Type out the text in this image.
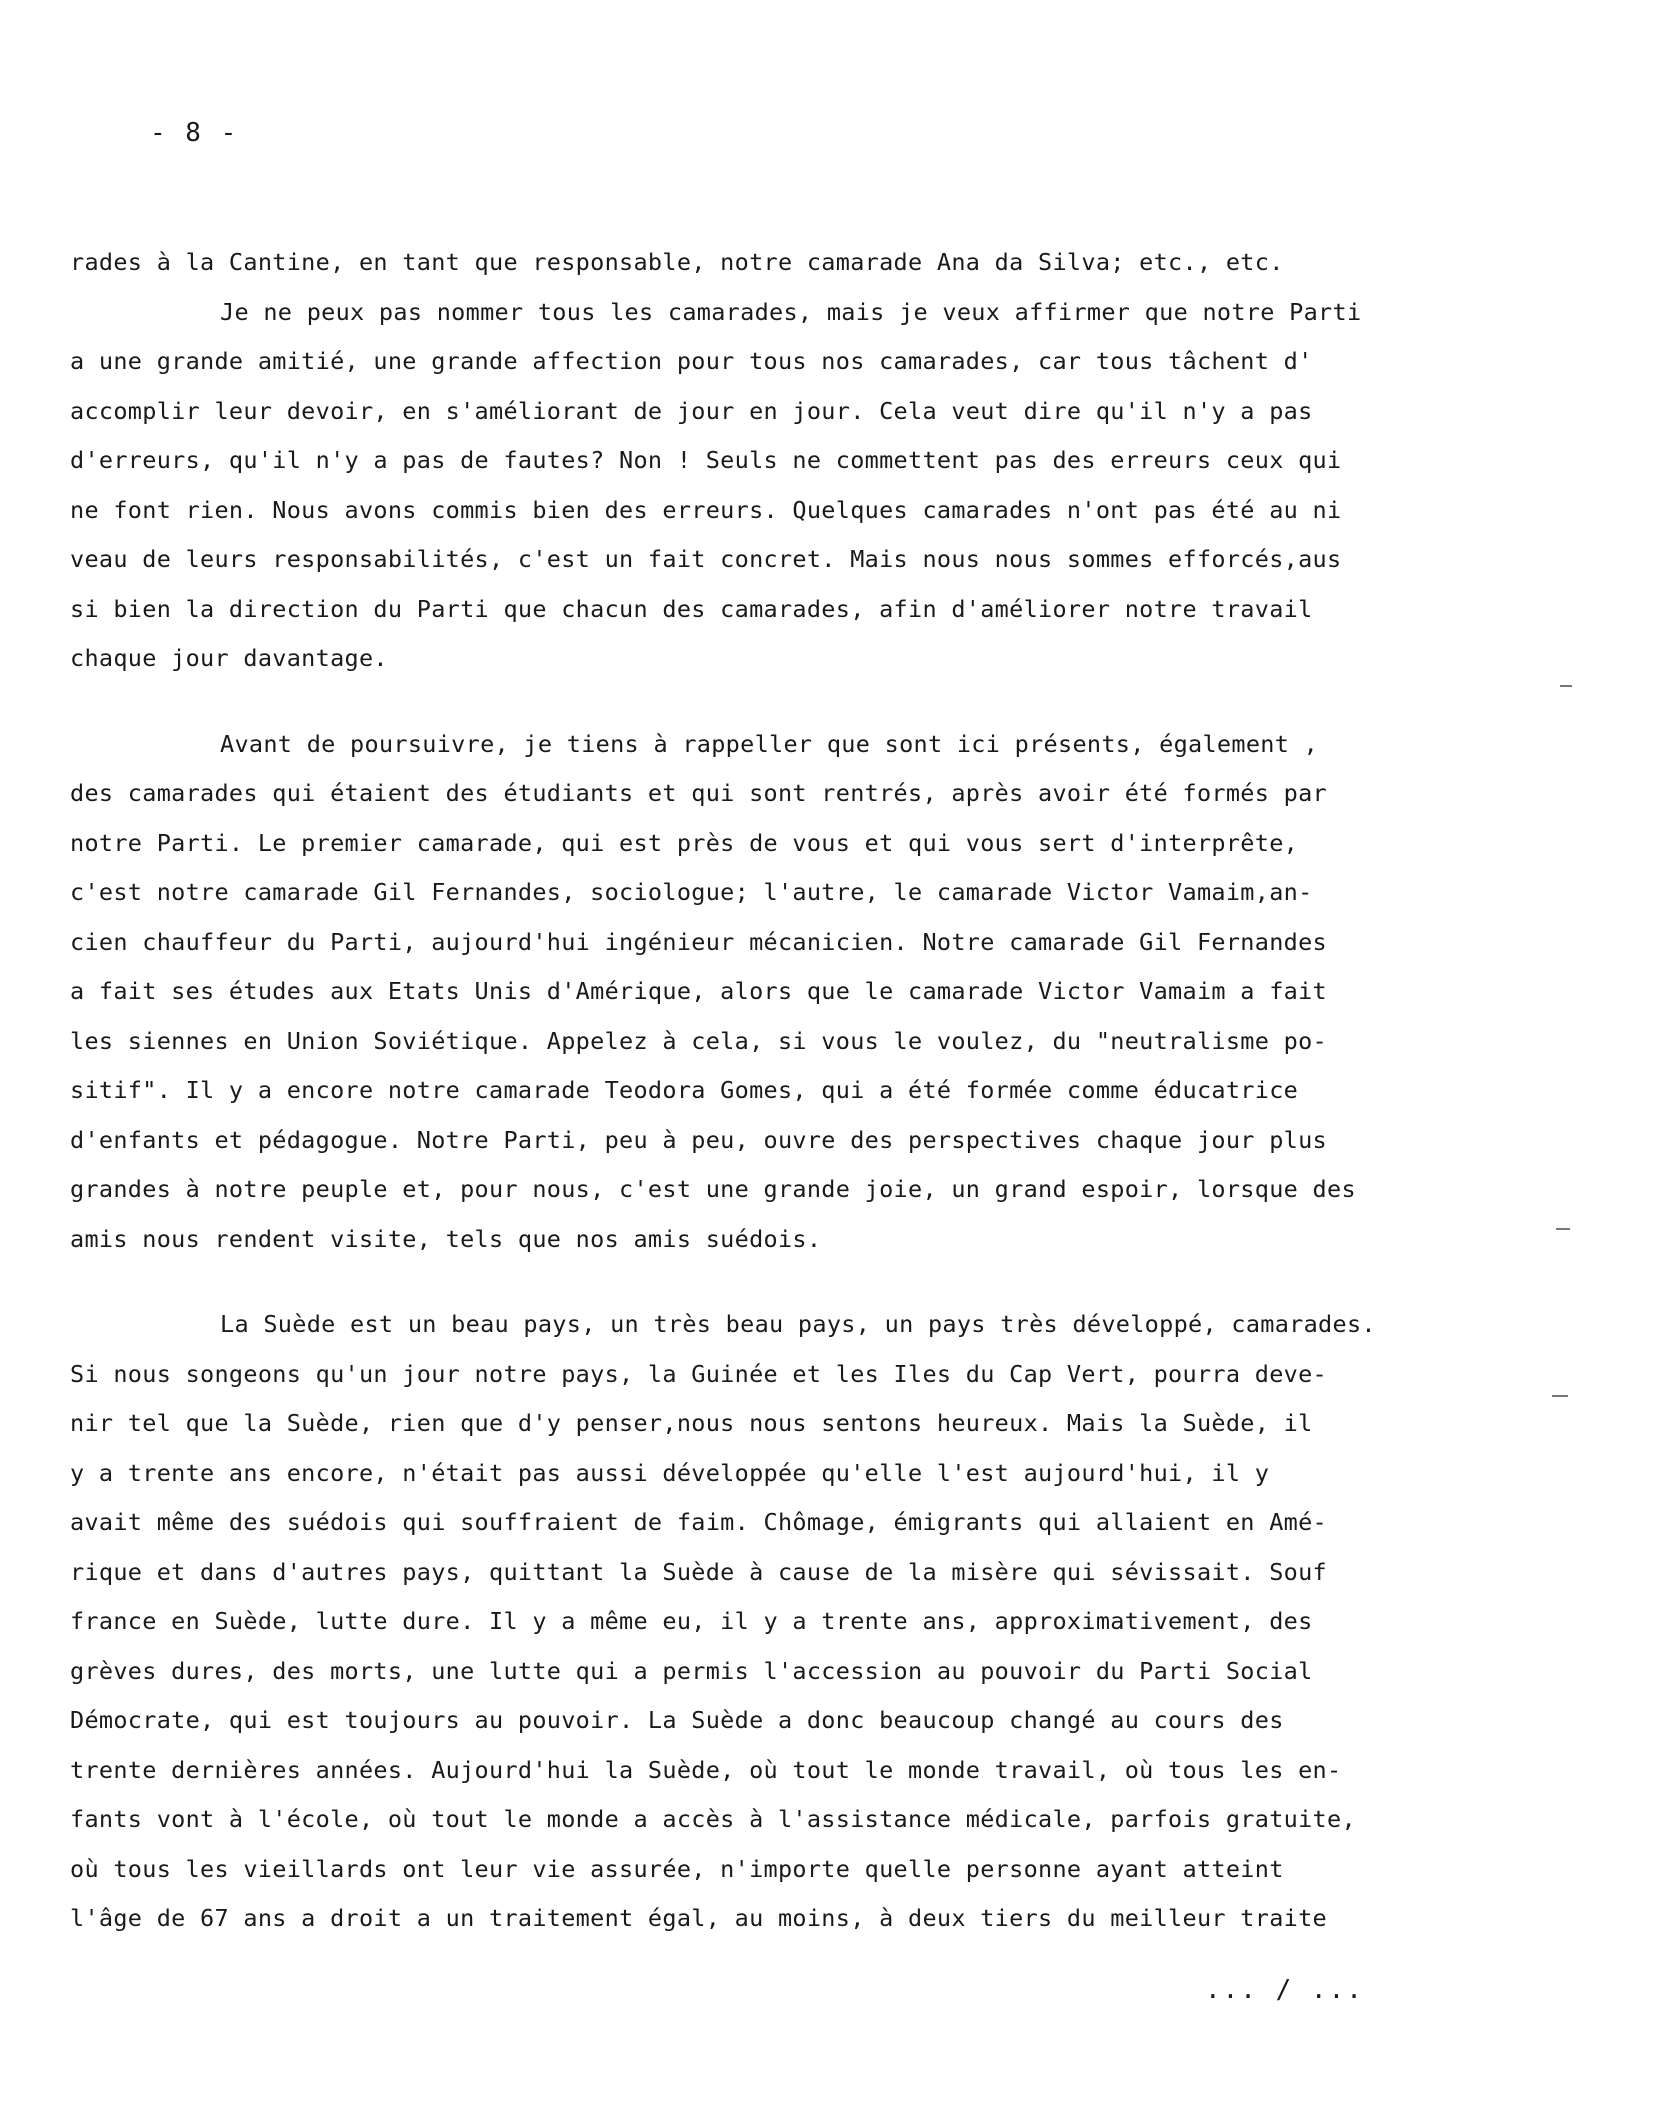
- 8 -
rades à la Cantine, en tant que responsable, notre camarade Ana da Silva; etc., etc.
Je ne peux pas nommer tous les camarades, mais je veux affirmer que notre Parti
a une grande amitié, une grande affection pour tous nos camarades, car tous tâchent d'
accomplir leur devoir, en s'améliorant de jour en jour. Cela veut dire qu'il n'y a pas
d'erreurs, qu'il n'y a pas de fautes? Non ! Seuls ne commettent pas des erreurs ceux qui
ne font rien. Nous avons commis bien des erreurs. Quelques camarades n'ont pas été au ni
veau de leurs responsabilités, c'est un fait concret. Mais nous nous sommes efforcés,aus
si bien la direction du Parti que chacun des camarades, afin d'améliorer notre travail
chaque jour davantage.
Avant de poursuivre, je tiens à rappeller que sont ici présents, également ,
des camarades qui étaient des étudiants et qui sont rentrés, après avoir été formés par
notre Parti. Le premier camarade, qui est près de vous et qui vous sert d'interprête,
c'est notre camarade Gil Fernandes, sociologue; l'autre, le camarade Victor Vamaim,an-
cien chauffeur du Parti, aujourd'hui ingénieur mécanicien. Notre camarade Gil Fernandes
a fait ses études aux Etats Unis d'Amérique, alors que le camarade Victor Vamaim a fait
les siennes en Union Soviétique. Appelez à cela, si vous le voulez, du "neutralisme po-
sitif". Il y a encore notre camarade Teodora Gomes, qui a été formée comme éducatrice
d'enfants et pédagogue. Notre Parti, peu à peu, ouvre des perspectives chaque jour plus
grandes à notre peuple et, pour nous, c'est une grande joie, un grand espoir, lorsque des
amis nous rendent visite, tels que nos amis suédois.
La Suède est un beau pays, un très beau pays, un pays très développé, camarades.
Si nous songeons qu'un jour notre pays, la Guinée et les Iles du Cap Vert, pourra deve-
nir tel que la Suède, rien que d'y penser,nous nous sentons heureux. Mais la Suède, il
y a trente ans encore, n'était pas aussi développée qu'elle l'est aujourd'hui, il y
avait même des suédois qui souffraient de faim. Chômage, émigrants qui allaient en Amé-
rique et dans d'autres pays, quittant la Suède à cause de la misère qui sévissait. Souf
france en Suède, lutte dure. Il y a même eu, il y a trente ans, approximativement, des
grèves dures, des morts, une lutte qui a permis l'accession au pouvoir du Parti Social
Démocrate, qui est toujours au pouvoir. La Suède a donc beaucoup changé au cours des
trente dernières années. Aujourd'hui la Suède, où tout le monde travail, où tous les en-
fants vont à l'école, où tout le monde a accès à l'assistance médicale, parfois gratuite,
où tous les vieillards ont leur vie assurée, n'importe quelle personne ayant atteint
l'âge de 67 ans a droit a un traitement égal, au moins, à deux tiers du meilleur traite
... / ...
